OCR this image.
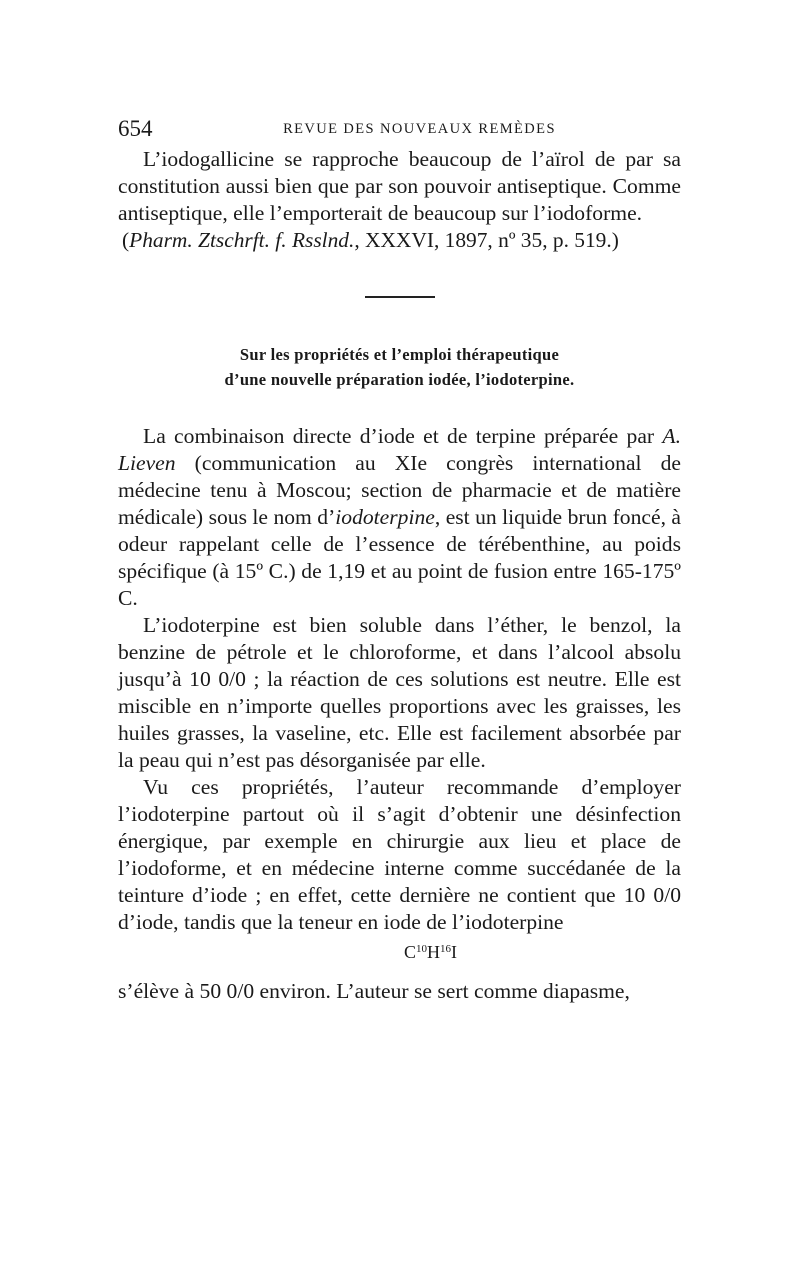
654	REVUE DES NOUVEAUX REMÈDES

L’iodogallicine se rapproche beaucoup de l’aïrol de par sa constitution aussi bien que par son pouvoir antiseptique. Comme antiseptique, elle l’emporterait de beaucoup sur l’iodoforme.

(Pharm. Ztschrft. f. Rsslnd., XXXVI, 1897, nº 35, p. 519.)

Sur les propriétés et l’emploi thérapeutique
d’une nouvelle préparation iodée, l’iodoterpine.

La combinaison directe d’iode et de terpine préparée par A. Lieven (communication au XIe congrès international de médecine tenu à Moscou; section de pharmacie et de matière médicale) sous le nom d’iodoterpine, est un liquide brun foncé, à odeur rappelant celle de l’essence de térébenthine, au poids spécifique (à 15º C.) de 1,19 et au point de fusion entre 165-175º C.

L’iodoterpine est bien soluble dans l’éther, le benzol, la benzine de pétrole et le chloroforme, et dans l’alcool absolu jusqu’à 10 0/0 ; la réaction de ces solutions est neutre. Elle est miscible en n’importe quelles proportions avec les graisses, les huiles grasses, la vaseline, etc. Elle est facilement absorbée par la peau qui n’est pas désorganisée par elle.

Vu ces propriétés, l’auteur recommande d’employer l’iodoterpine partout où il s’agit d’obtenir une désinfection énergique, par exemple en chirurgie aux lieu et place de l’iodoforme, et en médecine interne comme succédanée de la teinture d’iode ; en effet, cette dernière ne contient que 10 0/0 d’iode, tandis que la teneur en iode de l’iodoterpine

$C^{10}H^{16}I$

s’élève à 50 0/0 environ. L’auteur se sert comme diapasme,
